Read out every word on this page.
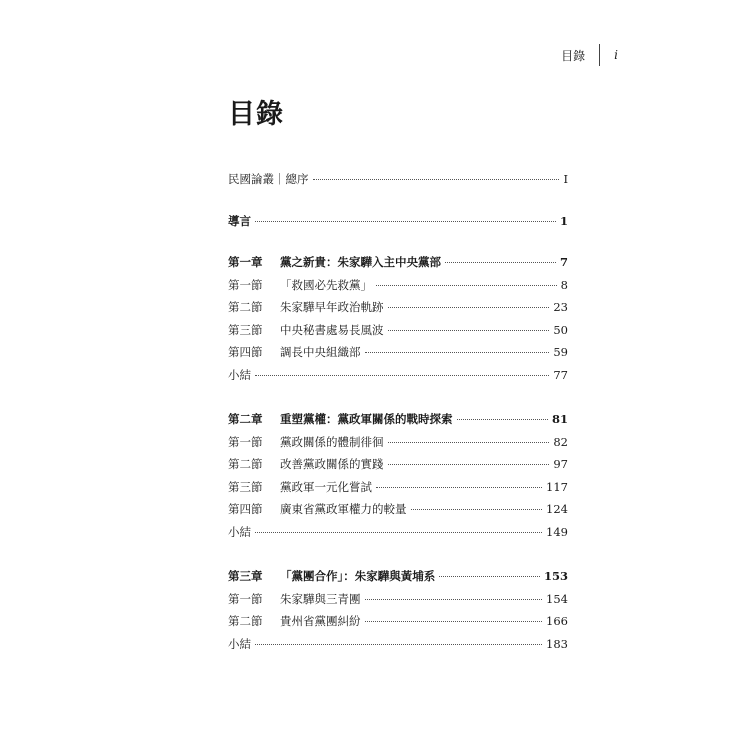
目錄	i
目錄
民國論叢｜總序	I
導言	1
第一章 黨之新貴：朱家驊入主中央黨部	7
第一節 「救國必先救黨」	8
第二節 朱家驊早年政治軌跡	23
第三節 中央秘書處易長風波	50
第四節 調長中央組織部	59
小結	77
第二章 重塑黨權：黨政軍關係的戰時探索	81
第一節 黨政關係的體制徘徊	82
第二節 改善黨政關係的實踐	97
第三節 黨政軍一元化嘗試	117
第四節 廣東省黨政軍權力的較量	124
小結	149
第三章 「黨團合作」：朱家驊與黃埔系	153
第一節 朱家驊與三青團	154
第二節 貴州省黨團糾紛	166
小結	183
